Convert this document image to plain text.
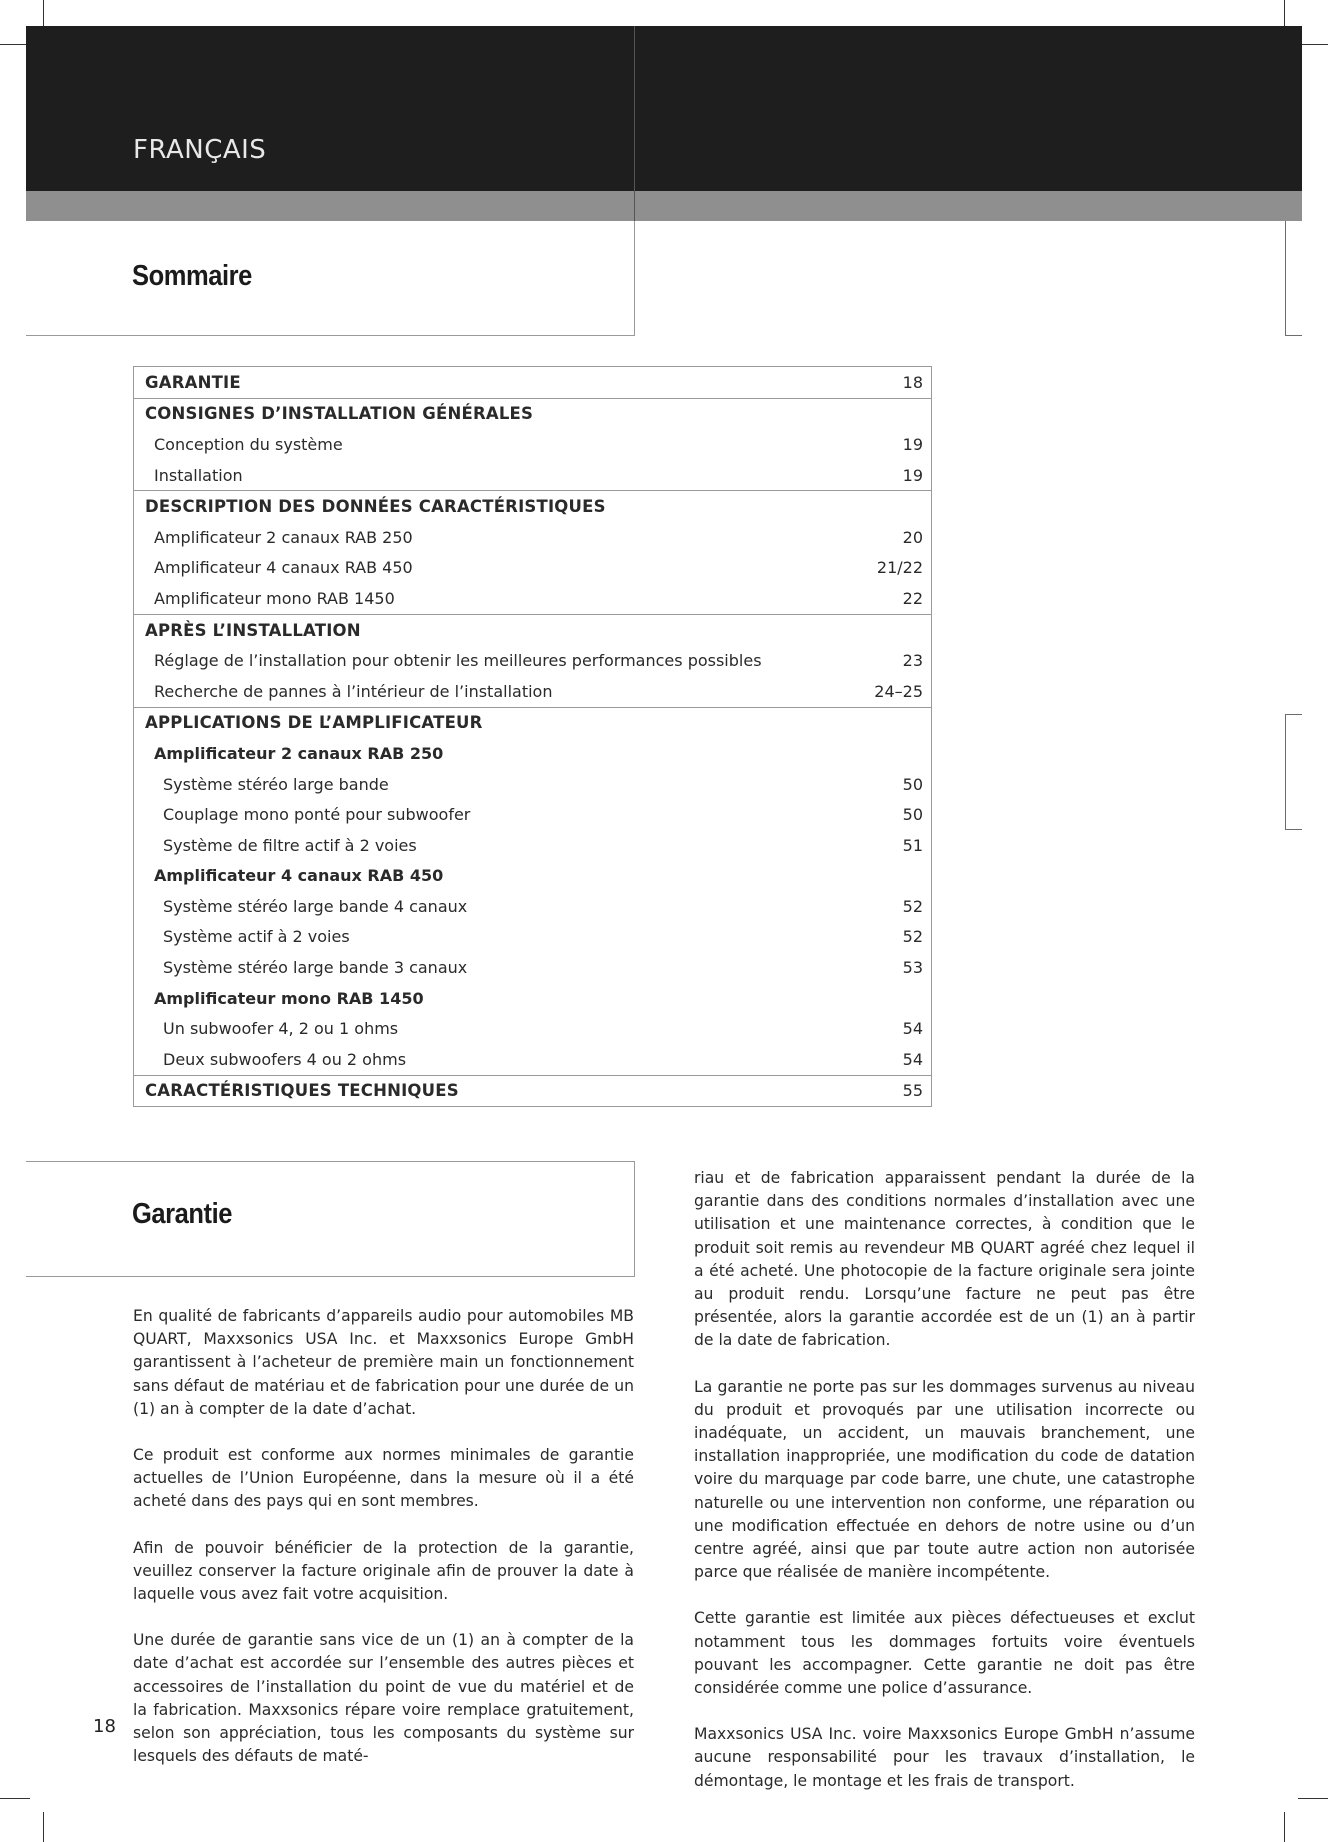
FRANÇAIS
Sommaire
GARANTIE	18
CONSIGNES D’INSTALLATION GÉNÉRALES
Conception du système	19
Installation	19
DESCRIPTION DES DONNÉES CARACTÉRISTIQUES
Amplificateur 2 canaux RAB 250	20
Amplificateur 4 canaux RAB 450	21/22
Amplificateur mono RAB 1450	22
APRÈS L’INSTALLATION
Réglage de l’installation pour obtenir les meilleures performances possibles	23
Recherche de pannes à l’intérieur de l’installation	24–25
APPLICATIONS DE L’AMPLIFICATEUR
Amplificateur 2 canaux RAB 250
Système stéréo large bande	50
Couplage mono ponté pour subwoofer	50
Système de filtre actif à 2 voies	51
Amplificateur 4 canaux RAB 450
Système stéréo large bande 4 canaux	52
Système actif à 2 voies	52
Système stéréo large bande 3 canaux	53
Amplificateur mono RAB 1450
Un subwoofer 4, 2 ou 1 ohms	54
Deux subwoofers 4 ou 2 ohms	54
CARACTÉRISTIQUES TECHNIQUES	55
Garantie

En qualité de fabricants d’appareils audio pour automobiles MB QUART, Maxxsonics USA Inc. et Maxxsonics Europe GmbH garantissent à l’acheteur de première main un fonctionnement sans défaut de matériau et de fabrication pour une durée de un (1) an à compter de la date d’achat.

Ce produit est conforme aux normes minimales de garantie actuelles de l’Union Européenne, dans la mesure où il a été acheté dans des pays qui en sont membres.

Afin de pouvoir bénéficier de la protection de la garantie, veuillez conserver la facture originale afin de prouver la date à laquelle vous avez fait votre acquisition.

Une durée de garantie sans vice de un (1) an à compter de la date d’achat est accordée sur l’ensemble des autres pièces et accessoires de l’installation du point de vue du matériel et de la fabrication. Maxxsonics répare voire remplace gratuitement, selon son appréciation, tous les composants du système sur lesquels des défauts de maté-

riau et de fabrication apparaissent pendant la durée de la garantie dans des conditions normales d’installation avec une utilisation et une maintenance correctes, à condition que le produit soit remis au revendeur MB QUART agréé chez lequel il a été acheté. Une photocopie de la facture originale sera jointe au produit rendu. Lorsqu’une facture ne peut pas être présentée, alors la garantie accordée est de un (1) an à partir de la date de fabrication.

La garantie ne porte pas sur les dommages survenus au niveau du produit et provoqués par une utilisation incorrecte ou inadéquate, un accident, un mauvais branchement, une installation inappropriée, une modification du code de datation voire du marquage par code barre, une chute, une catastrophe naturelle ou une intervention non conforme, une réparation ou une modification effectuée en dehors de notre usine ou d’un centre agréé, ainsi que par toute autre action non autorisée parce que réalisée de manière incompétente.

Cette garantie est limitée aux pièces défectueuses et exclut notamment tous les dommages fortuits voire éventuels pouvant les accompagner. Cette garantie ne doit pas être considérée comme une police d’assurance.

Maxxsonics USA Inc. voire Maxxsonics Europe GmbH n’assume aucune responsabilité pour les travaux d’installation, le démontage, le montage et les frais de transport.

18
